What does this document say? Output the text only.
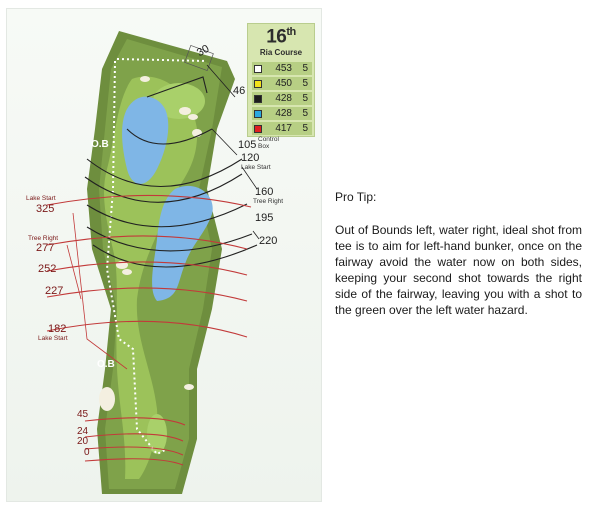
16th
Ria Course
453	5
450	5
428	5
428	5
417	5
30
46
105 Control
Box
120
Lake Start
160
Tree Right
195
220
Lake Start
325
Tree Right
277
252
227
182
Lake Start
45
24
20
0
O.B
O.B
Pro Tip:
Out of Bounds left, water right, ideal shot from tee is to aim for left-hand bunker, once on the fairway avoid the water now on both sides, keeping your second shot towards the right side of the fairway, leaving you with a shot to the green over the left water hazard.
